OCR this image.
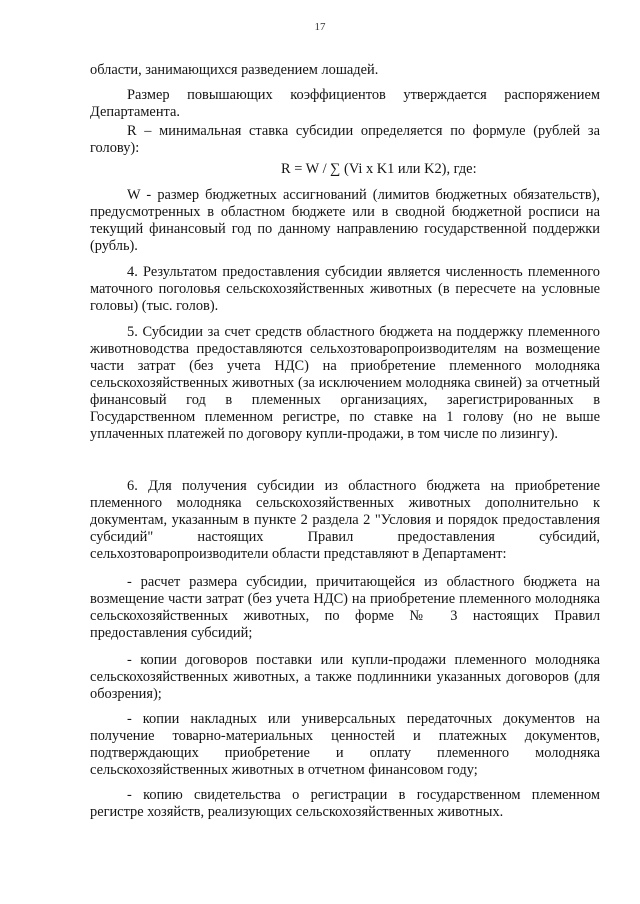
17

области, занимающихся разведением лошадей.

Размер повышающих коэффициентов утверждается распоряжением Департамента.

R – минимальная ставка субсидии определяется по формуле (рублей за голову):

R = W / ∑ (Vi x K1 или K2), где:

W - размер бюджетных ассигнований (лимитов бюджетных обязательств), предусмотренных в областном бюджете или в сводной бюджетной росписи на текущий финансовый год по данному направлению государственной поддержки (рубль).

4. Результатом предоставления субсидии является численность племенного маточного поголовья сельскохозяйственных животных (в пересчете на условные головы) (тыс. голов).

5. Субсидии за счет средств областного бюджета на поддержку племенного животноводства предоставляются сельхозтоваропроизводителям на возмещение части затрат (без учета НДС) на приобретение племенного молодняка сельскохозяйственных животных (за исключением молодняка свиней) за отчетный финансовый год в племенных организациях, зарегистрированных в Государственном племенном регистре, по ставке на 1 голову (но не выше уплаченных платежей по договору купли-продажи, в том числе по лизингу).

6. Для получения субсидии из областного бюджета на приобретение племенного молодняка сельскохозяйственных животных дополнительно к документам, указанным в пункте 2 раздела 2 "Условия и порядок предоставления субсидий" настоящих Правил предоставления субсидий, сельхозтоваропроизводители области представляют в Департамент:

- расчет размера субсидии, причитающейся из областного бюджета на возмещение части затрат (без учета НДС) на приобретение племенного молодняка сельскохозяйственных животных, по форме № 3 настоящих Правил предоставления субсидий;

- копии договоров поставки или купли-продажи племенного молодняка сельскохозяйственных животных, а также подлинники указанных договоров (для обозрения);

- копии накладных или универсальных передаточных документов на получение товарно-материальных ценностей и платежных документов, подтверждающих приобретение и оплату племенного молодняка сельскохозяйственных животных в отчетном финансовом году;

- копию свидетельства о регистрации в государственном племенном регистре хозяйств, реализующих сельскохозяйственных животных.
